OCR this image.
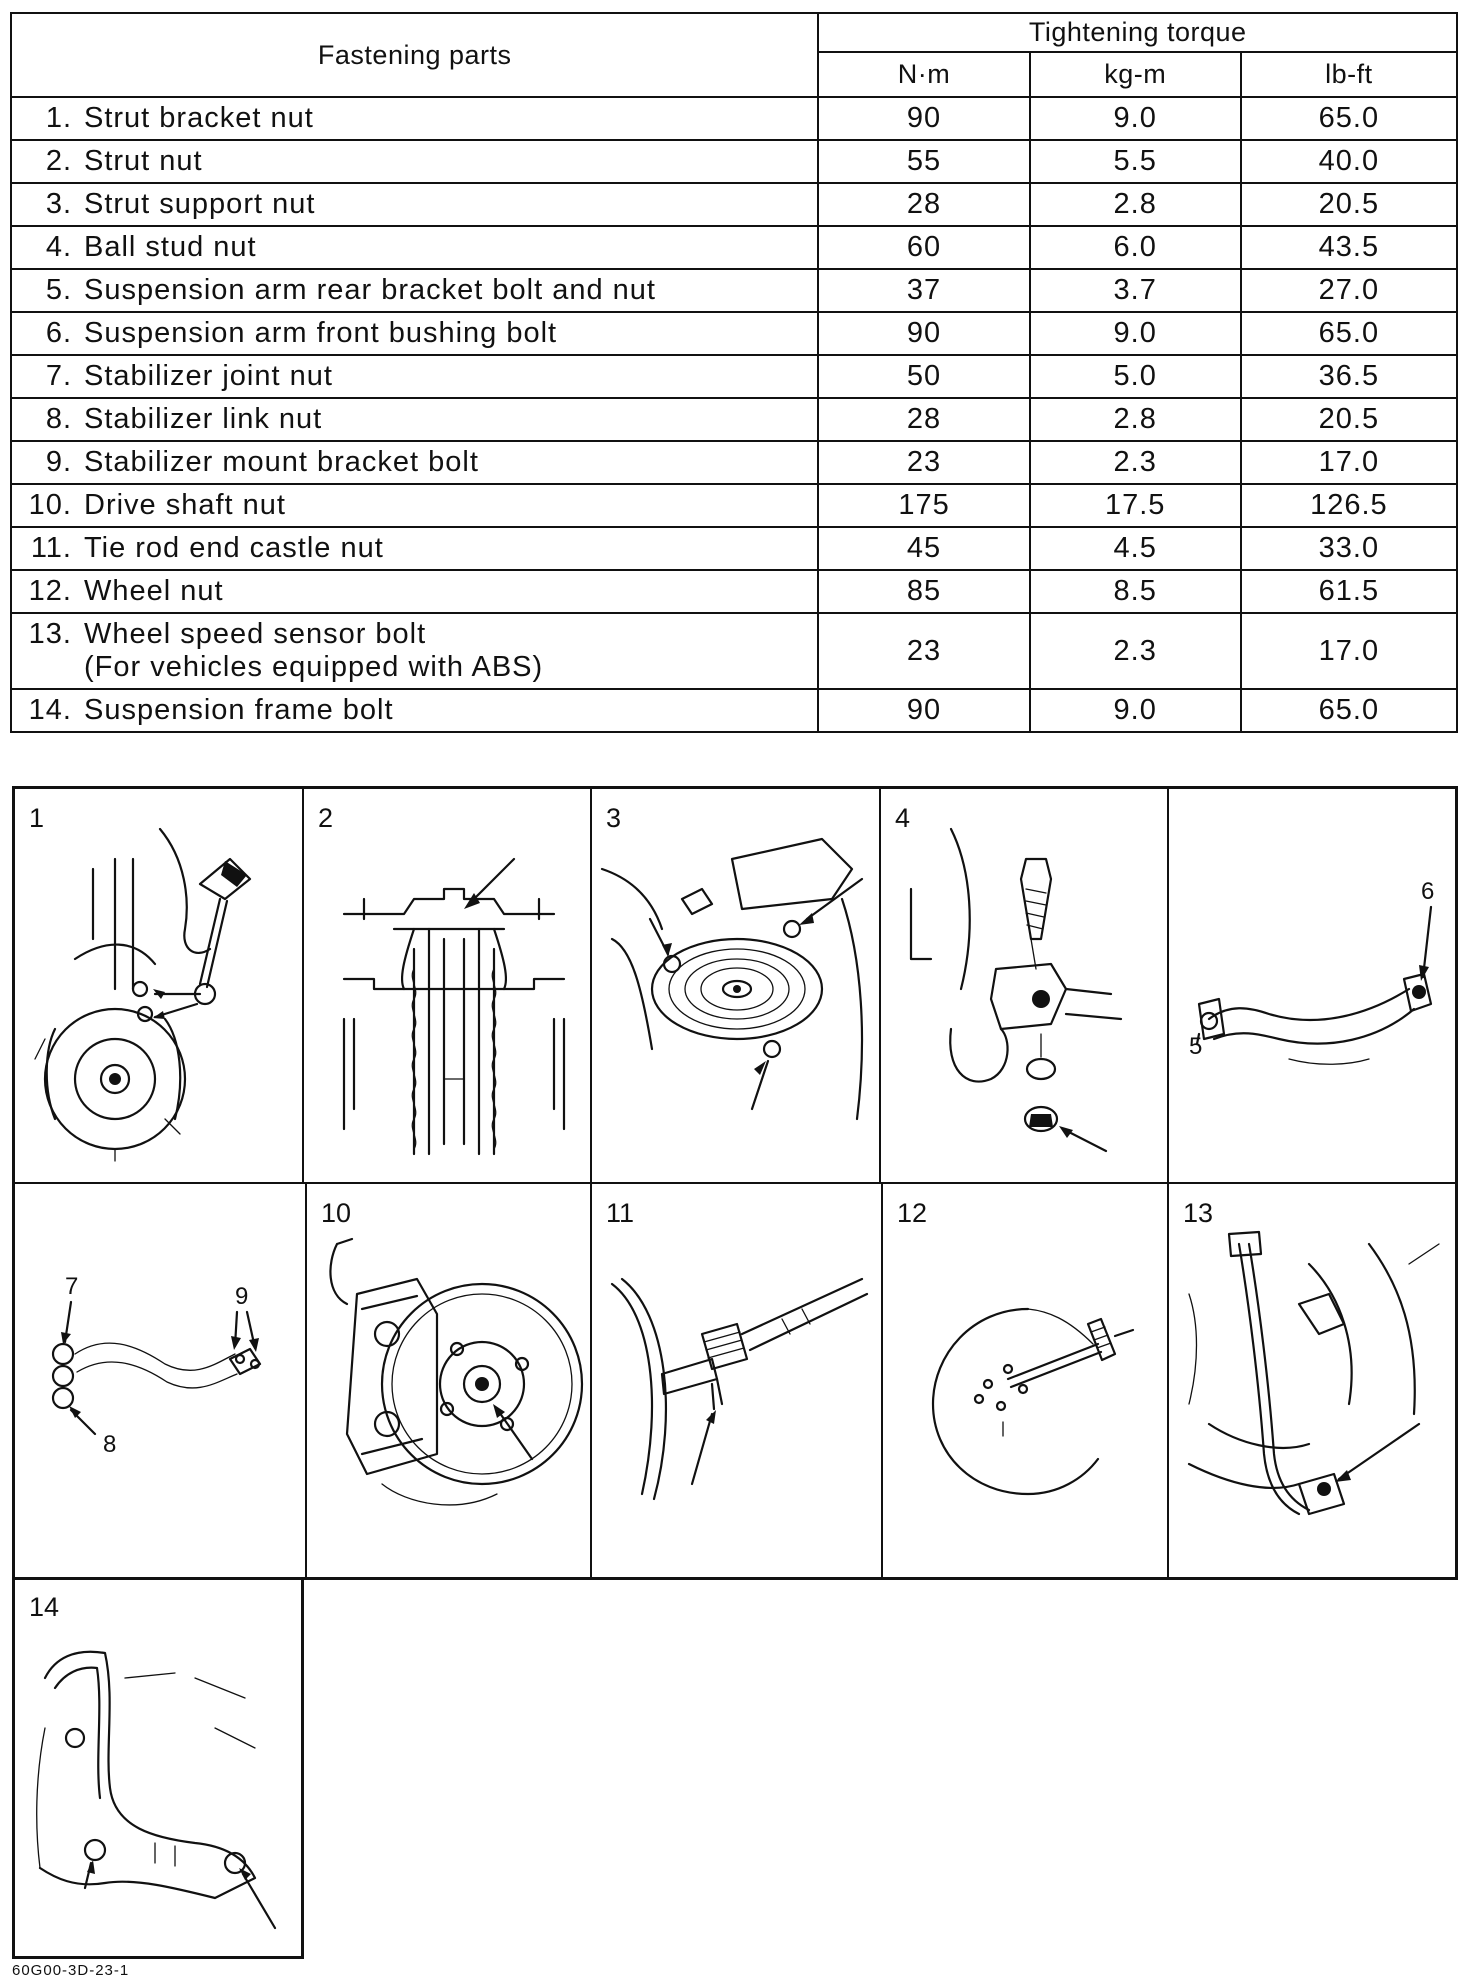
Fastening parts	Tightening torque		
	N·m	kg-m	lb-ft
1. Strut bracket nut	90	9.0	65.0
2. Strut nut	55	5.5	40.0
3. Strut support nut	28	2.8	20.5
4. Ball stud nut	60	6.0	43.5
5. Suspension arm rear bracket bolt and nut	37	3.7	27.0
6. Suspension arm front bushing bolt	90	9.0	65.0
7. Stabilizer joint nut	50	5.0	36.5
8. Stabilizer link nut	28	2.8	20.5
9. Stabilizer mount bracket bolt	23	2.3	17.0
10. Drive shaft nut	175	17.5	126.5
11. Tie rod end castle nut	45	4.5	33.0
12. Wheel nut	85	8.5	61.5
13. Wheel speed sensor bolt
(For vehicles equipped with ABS)	23	2.3	17.0
14. Suspension frame bolt	90	9.0	65.0
1	2	3	4
6
5
7	9
8
10	11	12	13
14
60G00-3D-23-1
